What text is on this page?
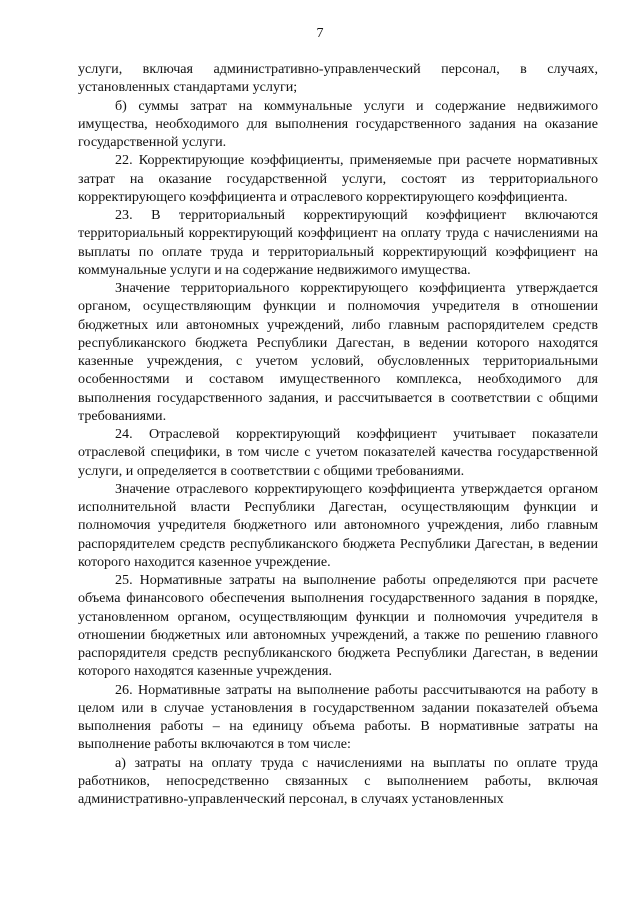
7

услуги, включая административно-управленческий персонал, в случаях, установленных стандартами услуги;

б) суммы затрат на коммунальные услуги и содержание недвижимого имущества, необходимого для выполнения государственного задания на оказание государственной услуги.

22. Корректирующие коэффициенты, применяемые при расчете нормативных затрат на оказание государственной услуги, состоят из территориального корректирующего коэффициента и отраслевого корректирующего коэффициента.

23. В территориальный корректирующий коэффициент включаются территориальный корректирующий коэффициент на оплату труда с начислениями на выплаты по оплате труда и территориальный корректирующий коэффициент на коммунальные услуги и на содержание недвижимого имущества.

Значение территориального корректирующего коэффициента утверждается органом, осуществляющим функции и полномочия учредителя в отношении бюджетных или автономных учреждений, либо главным распорядителем средств республиканского бюджета Республики Дагестан, в ведении которого находятся казенные учреждения, с учетом условий, обусловленных территориальными особенностями и составом имущественного комплекса, необходимого для выполнения государственного задания, и рассчитывается в соответствии с общими требованиями.

24. Отраслевой корректирующий коэффициент учитывает показатели отраслевой специфики, в том числе с учетом показателей качества государственной услуги, и определяется в соответствии с общими требованиями.

Значение отраслевого корректирующего коэффициента утверждается органом исполнительной власти Республики Дагестан, осуществляющим функции и полномочия учредителя бюджетного или автономного учреждения, либо главным распорядителем средств республиканского бюджета Республики Дагестан, в ведении которого находится казенное учреждение.

25. Нормативные затраты на выполнение работы определяются при расчете объема финансового обеспечения выполнения государственного задания в порядке, установленном органом, осуществляющим функции и полномочия учредителя в отношении бюджетных или автономных учреждений, а также по решению главного распорядителя средств республиканского бюджета Республики Дагестан, в ведении которого находятся казенные учреждения.

26. Нормативные затраты на выполнение работы рассчитываются на работу в целом или в случае установления в государственном задании показателей объема выполнения работы – на единицу объема работы. В нормативные затраты на выполнение работы включаются в том числе:

а) затраты на оплату труда с начислениями на выплаты по оплате труда работников, непосредственно связанных с выполнением работы, включая административно-управленческий персонал, в случаях установленных
